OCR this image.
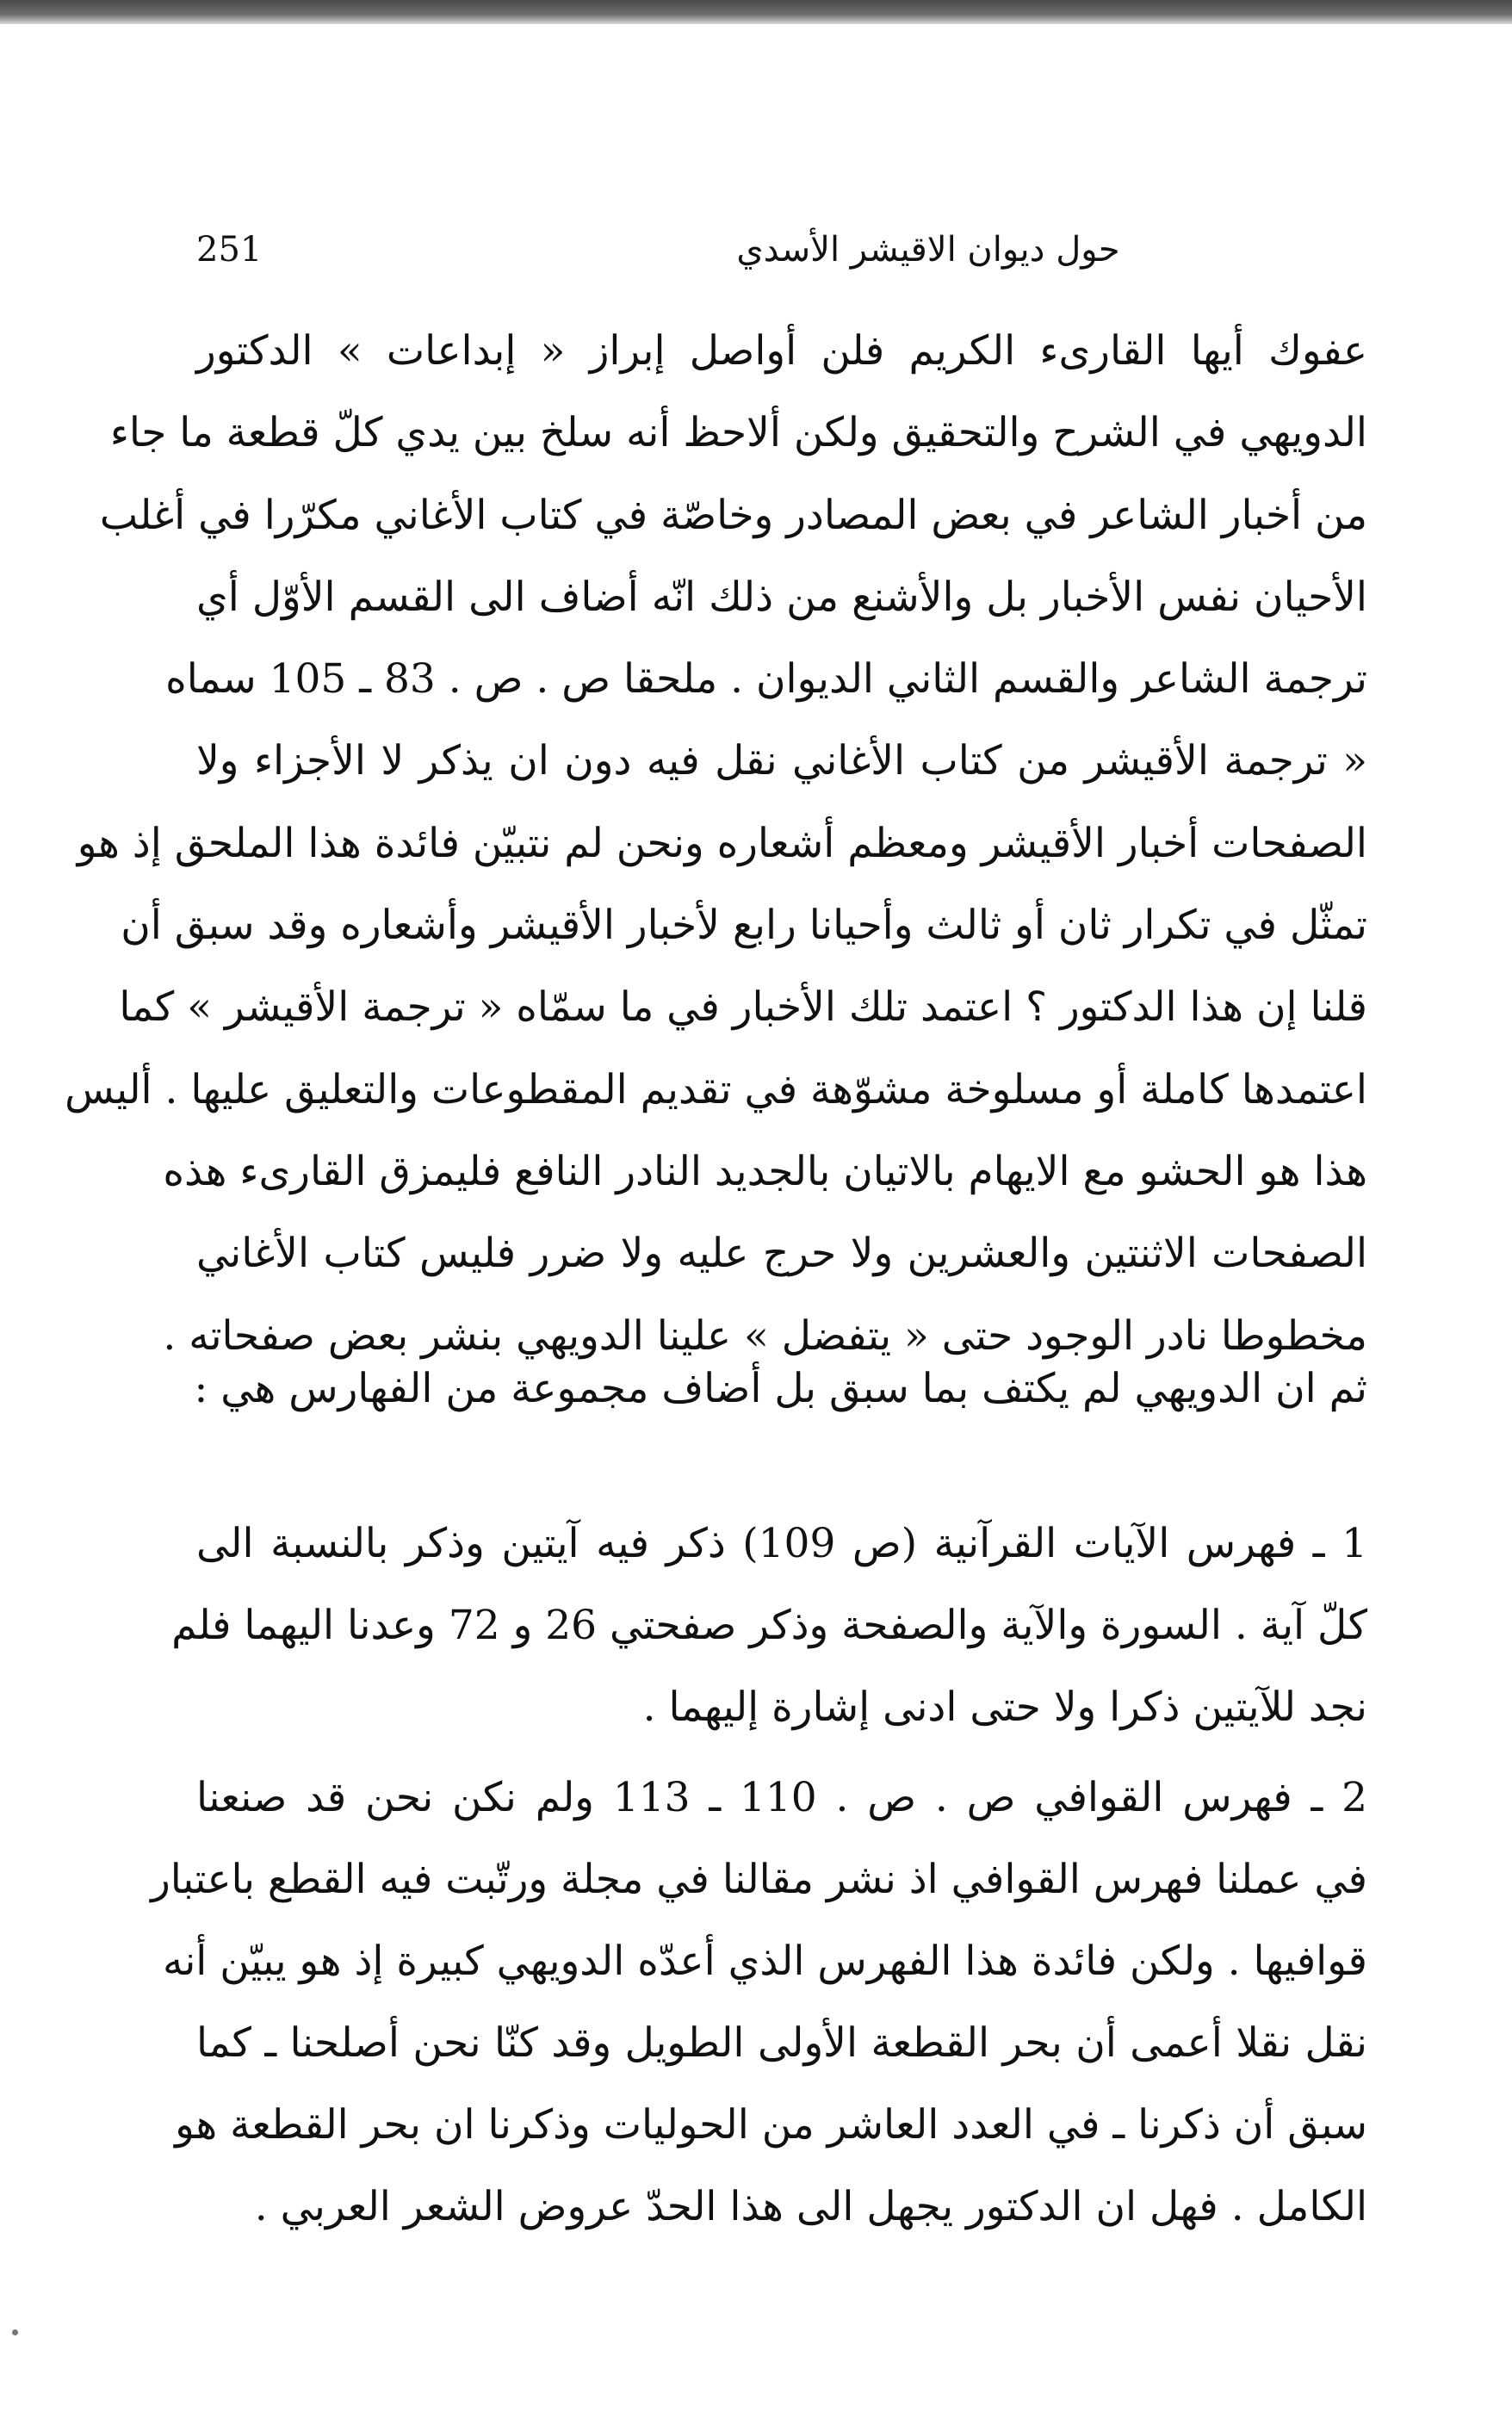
251	حول ديوان الاقيشر الأسدي
عفوك أيها القارىء الكريم فلن أواصل إبراز « إبداعات » الدكتور
الدويهي في الشرح والتحقيق ولكن ألاحظ أنه سلخ بين يدي كلّ قطعة ما جاء
من أخبار الشاعر في بعض المصادر وخاصّة في كتاب الأغاني مكرّرا في أغلب
الأحيان نفس الأخبار بل والأشنع من ذلك انّه أضاف الى القسم الأوّل أي
ترجمة الشاعر والقسم الثاني الديوان . ملحقا ص . ص . 83 ـ 105 سماه
« ترجمة الأقيشر من كتاب الأغاني نقل فيه دون ان يذكر لا الأجزاء ولا
الصفحات أخبار الأقيشر ومعظم أشعاره ونحن لم نتبيّن فائدة هذا الملحق إذ هو
تمثّل في تكرار ثان أو ثالث وأحيانا رابع لأخبار الأقيشر وأشعاره وقد سبق أن
قلنا إن هذا الدكتور ؟ اعتمد تلك الأخبار في ما سمّاه « ترجمة الأقيشر » كما
اعتمدها كاملة أو مسلوخة مشوّهة في تقديم المقطوعات والتعليق عليها . أليس
هذا هو الحشو مع الايهام بالاتيان بالجديد النادر النافع فليمزق القارىء هذه
الصفحات الاثنتين والعشرين ولا حرج عليه ولا ضرر فليس كتاب الأغاني
مخطوطا نادر الوجود حتى « يتفضل » علينا الدويهي بنشر بعض صفحاته .
ثم ان الدويهي لم يكتف بما سبق بل أضاف مجموعة من الفهارس هي :
1 ـ فهرس الآيات القرآنية (ص 109) ذكر فيه آيتين وذكر بالنسبة الى
كلّ آية . السورة والآية والصفحة وذكر صفحتي 26 و 72 وعدنا اليهما فلم
نجد للآيتين ذكرا ولا حتى ادنى إشارة إليهما .
2 ـ فهرس القوافي ص . ص . 110 ـ 113 ولم نكن نحن قد صنعنا
في عملنا فهرس القوافي اذ نشر مقالنا في مجلة ورتّبت فيه القطع باعتبار
قوافيها . ولكن فائدة هذا الفهرس الذي أعدّه الدويهي كبيرة إذ هو يبيّن أنه
نقل نقلا أعمى أن بحر القطعة الأولى الطويل وقد كنّا نحن أصلحنا ـ كما
سبق أن ذكرنا ـ في العدد العاشر من الحوليات وذكرنا ان بحر القطعة هو
الكامل . فهل ان الدكتور يجهل الى هذا الحدّ عروض الشعر العربي .
